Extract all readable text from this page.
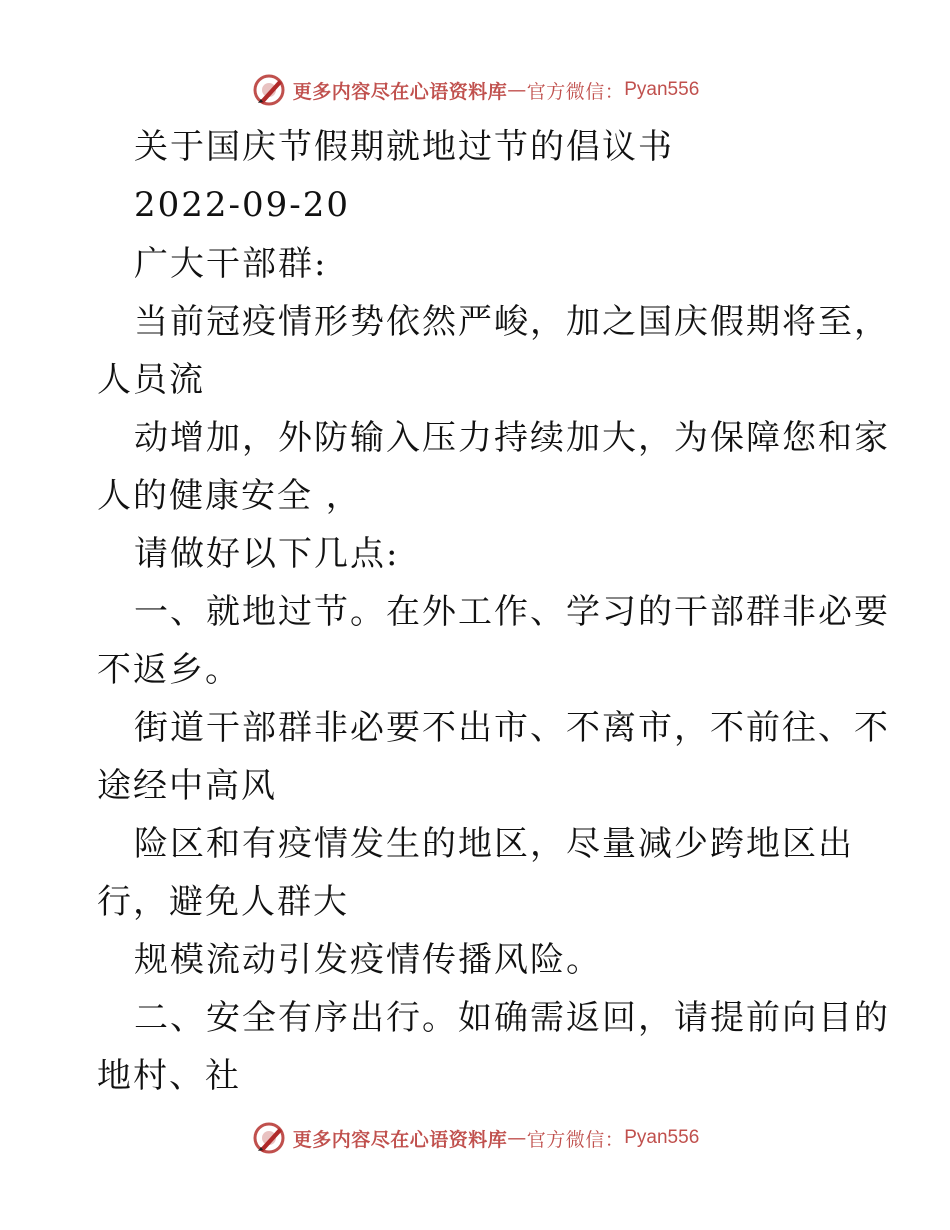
更多内容尽在心语资料库 — 官方微信： Pyan556

关于国庆节假期就地过节的倡议书

2022-09-20

广大干部群:

当前冠疫情形势依然严峻，加之国庆假期将至，

人员流

动增加，外防输入压力持续加大，为保障您和家

人的健康安全 ，

请做好以下几点:

一、就地过节。在外工作、学习的干部群非必要

不返乡。

街道干部群非必要不出市、不离市，不前往、不

途经中高风

险区和有疫情发生的地区，尽量减少跨地区出

行，避免人群大

规模流动引发疫情传播风险。

二、安全有序出行。如确需返回，请提前向目的

地村、社

更多内容尽在心语资料库 — 官方微信： Pyan556
